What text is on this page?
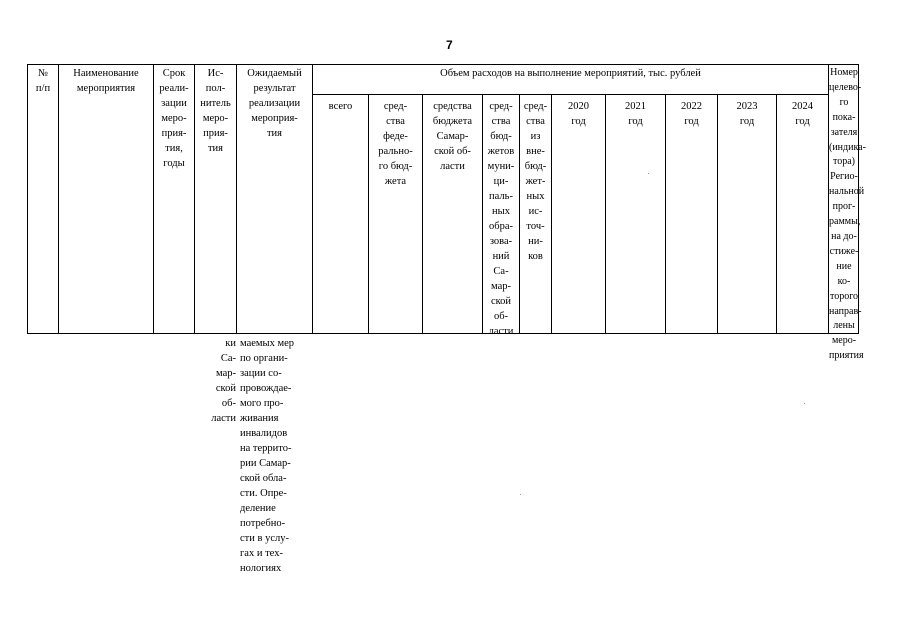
7
№
п/п
Наименование
мероприятия
Срок
реали-
зации
меро-
прия-
тия,
годы
Ис-
пол-
нитель
меро-
прия-
тия
Ожидаемый
результат
реализации
мероприя-
тия
Объем расходов на выполнение мероприятий, тыс. рублей
всего	сред-
ства
феде-
рально-
го бюд-
жета
средства
бюджета
Самар-
ской об-
ласти
сред-
ства
бюд-
жетов
муни-
ци-
паль-
ных
обра-
зова-
ний
Са-
мар-
ской
об-
ласти
сред-
ства
из
вне-
бюд-
жет-
ных
ис-
точ-
ни-
ков
2020
год
2021
год
2022
год
2023
год
2024
год
Номер
целево-
го пока-
зателя
(индика-
тора)
Регио-
нальной
прог-
раммы,
на до-
стиже-
ние ко-
торого
направ-
лены
меро-
приятия
ки
Са-
мар-
ской
об-
ласти
маемых мер
по органи-
зации со-
провождае-
мого про-
живания
инвалидов
на террито-
рии Самар-
ской обла-
сти. Опре-
деление
потребно-
сти в услу-
гах и тех-
нологиях
